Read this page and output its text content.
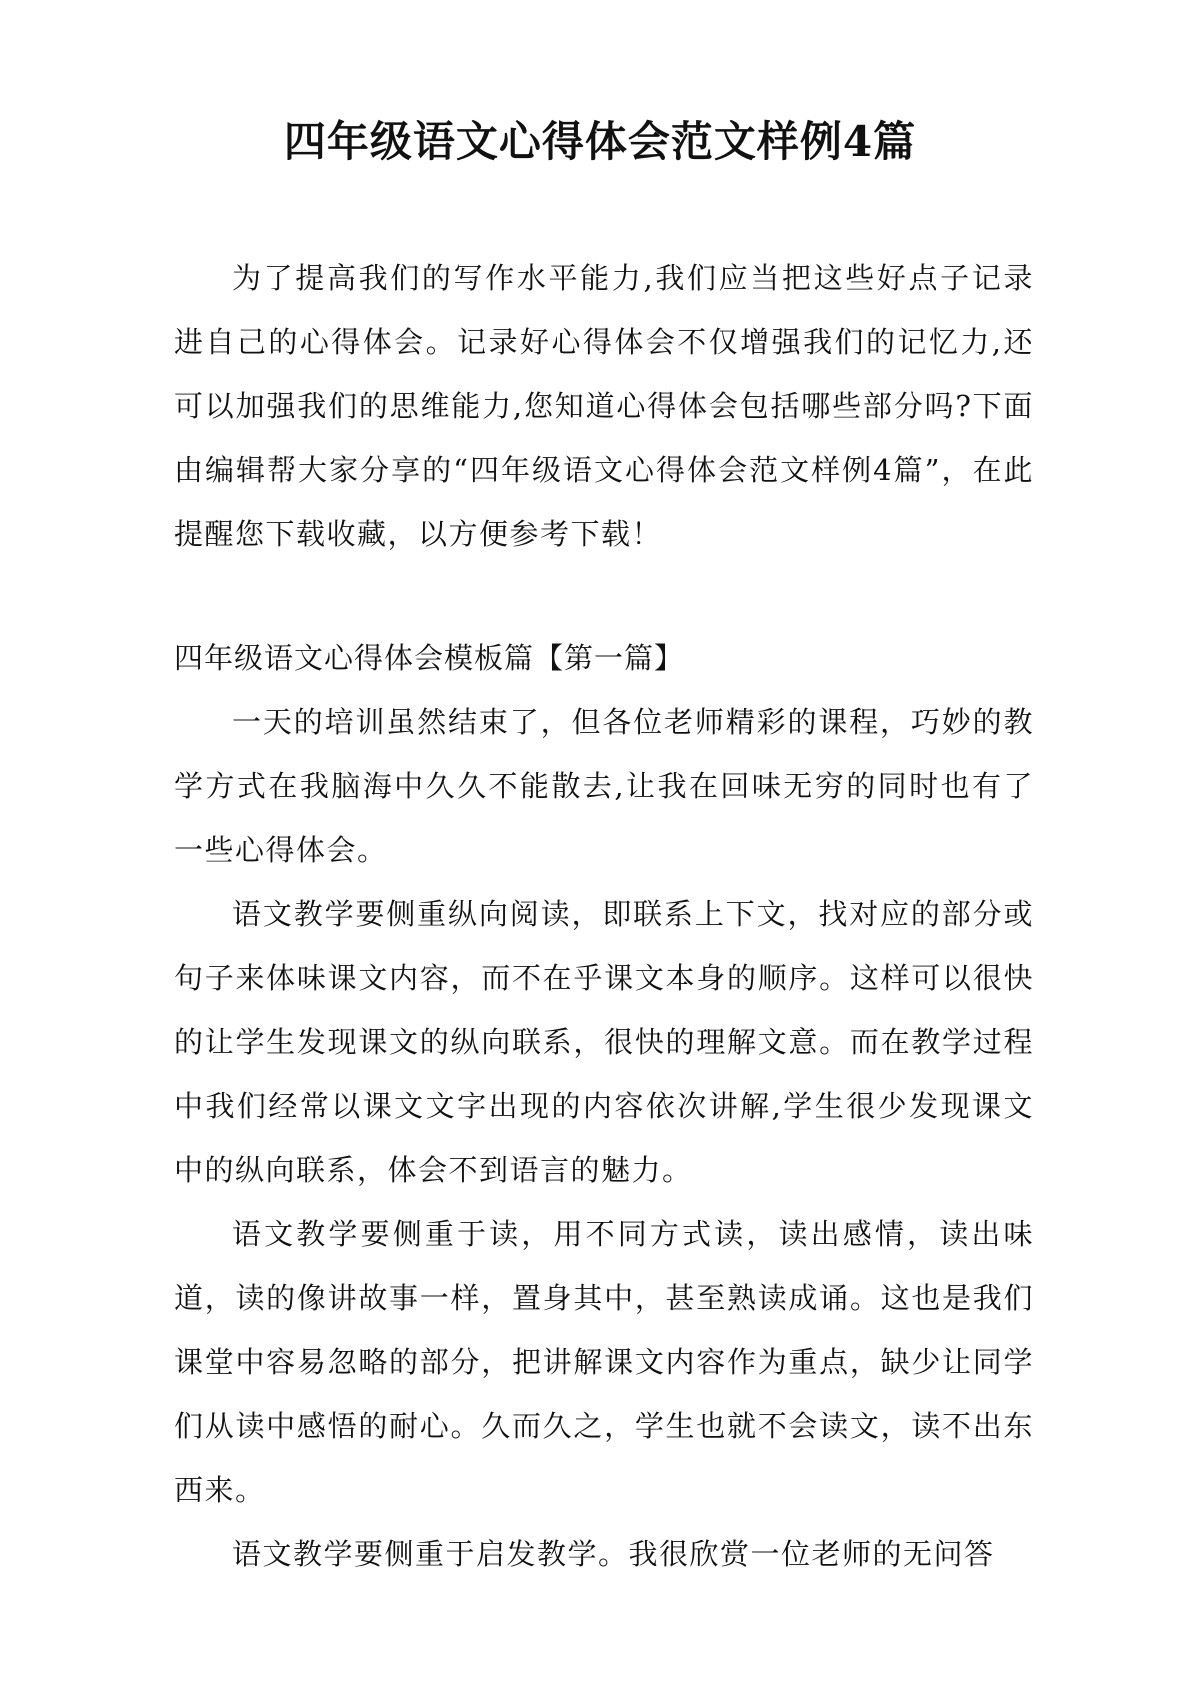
四年级语文心得体会范文样例4篇

为了提高我们的写作水平能力,我们应当把这些好点子记录进自己的心得体会。记录好心得体会不仅增强我们的记忆力,还可以加强我们的思维能力,您知道心得体会包括哪些部分吗?下面由编辑帮大家分享的“四年级语文心得体会范文样例4篇”，在此提醒您下载收藏，以方便参考下载！

四年级语文心得体会模板篇【第一篇】

一天的培训虽然结束了，但各位老师精彩的课程，巧妙的教学方式在我脑海中久久不能散去,让我在回味无穷的同时也有了一些心得体会。

语文教学要侧重纵向阅读，即联系上下文，找对应的部分或句子来体味课文内容，而不在乎课文本身的顺序。这样可以很快的让学生发现课文的纵向联系，很快的理解文意。而在教学过程中我们经常以课文文字出现的内容依次讲解,学生很少发现课文中的纵向联系，体会不到语言的魅力。

语文教学要侧重于读，用不同方式读，读出感情，读出味道，读的像讲故事一样，置身其中，甚至熟读成诵。这也是我们课堂中容易忽略的部分，把讲解课文内容作为重点，缺少让同学们从读中感悟的耐心。久而久之，学生也就不会读文，读不出东西来。

语文教学要侧重于启发教学。我很欣赏一位老师的无问答
